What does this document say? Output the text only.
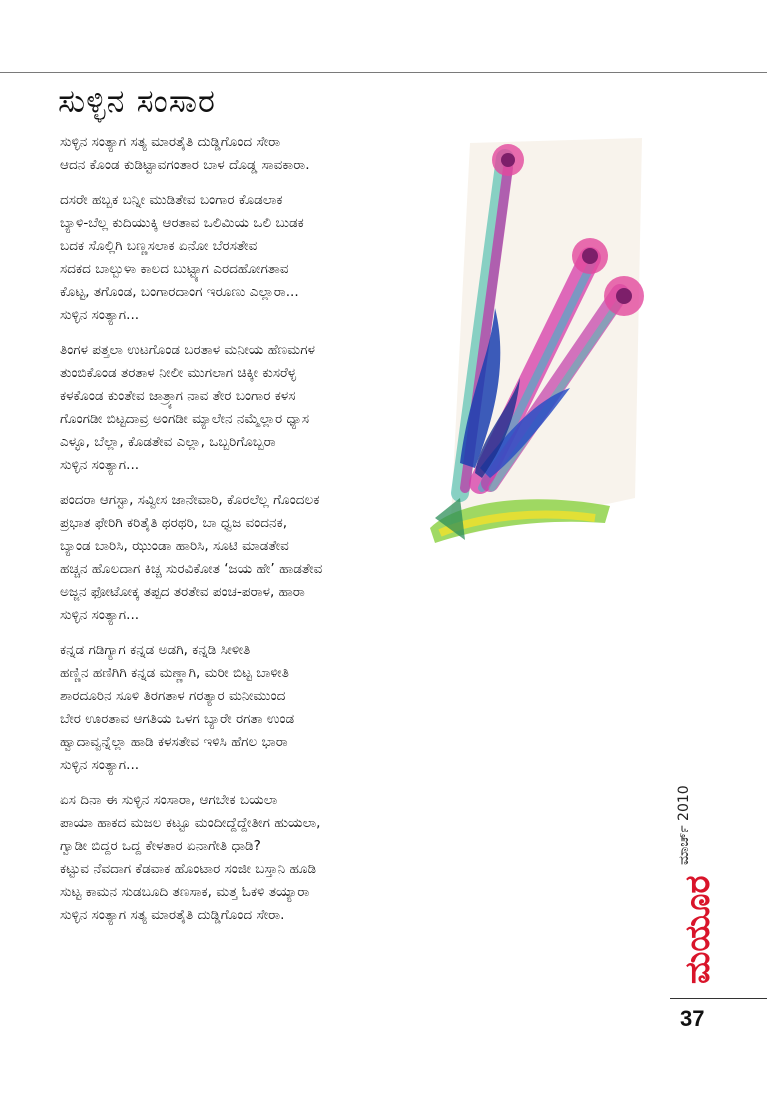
ಸುಳ್ಳಿನ ಸಂಸಾರ
ಸುಳ್ಳಿನ ಸಂತ್ಯಾಗ ಸತ್ಯ ಮಾರತೈತಿ ದುಡ್ಡಿಗೊಂದ ಸೇರಾ
ಆದನ ಕೊಂಡ ಕುಡಿಟ್ಟಾವಗಂತಾರ ಬಾಳ ದೊಡ್ಡ ಸಾವಕಾರಾ.
ದಸರೇ ಹಬ್ಬಕ ಬನ್ನೀ ಮುಡಿತೇವ ಬಂಗಾರ ಕೊಡಲಾಕ
ಬ್ಯಾಳಿ-ಬೆಲ್ಲ ಕುದಿಯುಕ್ಕಿ ಆರತಾವ ಒಲಿಮಿಯ ಒಲಿ ಬುಡಕ
ಬದಕ ಸೊಲ್ಲಿಗಿ ಬಣ್ಣಸಲಾಕ ಏನೋ ಬೆರಸತೇವ
ಸದಕದ ಬಾಲ್ಬುಳಾ ಕಾಲದ ಬುಟ್ಟ್ಯಾಗ ಎರದಹೋಗತಾವ
ಕೊಟ್ಟ, ತಗೊಂಡ, ಬಂಗಾರದಾಂಗ ಇರೂಣು ಎಲ್ಲಾರಾ...
ಸುಳ್ಳಿನ ಸಂತ್ಯಾಗ...
ತಿಂಗಳ ಪತ್ತಲಾ ಉಟಗೊಂಡ ಬರತಾಳ ಮನೀಯ ಹೆಣಮಗಳ
ತುಂಬಿಕೊಂಡ ತರತಾಳ ನೀಲೀ ಮುಗಲಾಗ ಚಿಕ್ಕೀ ಕುಸರೆಳ್ಳ
ಕಳಕೊಂಡ ಕುಂತೇವ ಜಾತ್ರ್ಯಾಗ ನಾವ ತೇರ ಬಂಗಾರ ಕಳಸ
ಗೊಂಗಡೀ ಬಿಟ್ಟದಾವ್ರ ಅಂಗಡೀ ಮ್ಯಾಲೇನ ನಮ್ಮೆಲ್ಲಾರ ಧ್ಯಾಸ
ಎಳ್ಳೂ, ಬೆಲ್ಲಾ, ಕೊಡತೇವ ಎಲ್ಲಾ, ಒಬ್ಬರಿಗೊಬ್ಬರಾ
ಸುಳ್ಳಿನ ಸಂತ್ಯಾಗ...
ಪಂದರಾ ಆಗಸ್ಟಾ, ಸವ್ವೀಸ ಜಾನೇವಾರಿ, ಕೊರಲೆಲ್ಲ ಗೊಂದಲಕ
ಪ್ರಭಾತ ಫೇರಿಗಿ ಕರಿತೈತಿ ಥರಥರಿ, ಬಾ ಧ್ವಜ ವಂದನಕ,
ಬ್ಯಾಂಡ ಬಾರಿಸಿ, ಝುಂಡಾ ಹಾರಿಸಿ, ಸೂಟಿ ಮಾಡತೇವ
ಹಚ್ಚನ ಹೊಲದಾಗ ಕಿಚ್ಚ ಸುರವಿಕೋತ ‘ಜಯ ಹೇ’ ಹಾಡತೇವ
ಅಜ್ಜನ ಫೋಟೋಕ್ಕ ತಪ್ಪದ ತರತೇವ ಪಂಚ-ಪರಾಳ, ಹಾರಾ
ಸುಳ್ಳಿನ ಸಂತ್ಯಾಗ...
ಕನ್ನಡ ಗಡಿಗ್ಯಾಗ ಕನ್ನಡ ಅಡಗಿ, ಕನ್ನಡಿ ಸೀಳೀತಿ
ಹಣ್ಣಿನ ಹಣಿಗಿಗಿ ಕನ್ನಡ ಮಣ್ಣಾಗಿ, ಮರೀ ಬಿಟ್ಟ ಬಾಳೀತಿ
ಶಾರದೂರಿನ ಸೂಳಿ ತಿರಗತಾಳ ಗರತ್ಯಾರ ಮನೀಮುಂದ
ಬೇರ ಊರತಾವ ಆಗತಿಯ ಒಳಗ ಬ್ಯಾರೇ ರಗತಾ ಉಂಡ
ಹ್ವಾದಾವ್ವನ್ನೆಲ್ಲಾ ಹಾಡಿ ಕಳಸತೇವ ಇಳಿಸಿ ಹೆಗಲ ಭಾರಾ
ಸುಳ್ಳಿನ ಸಂತ್ಯಾಗ...
ಏಸ ದಿನಾ ಈ ಸುಳ್ಳಿನ ಸಂಸಾರಾ, ಆಗಬೇಕ ಬಯಲಾ
ಪಾಯಾ ಹಾಕದ ಮಜಲ ಕಟ್ಟೂ ಮಂದೀದ್ದೆದ್ದೇತೀಗ ಹುಯಲಾ,
ಗ್ವಾಡೀ ಬಿದ್ದರ ಒದ್ದ ಕೇಳತಾರ ಏನಾಗೇತಿ ಧಾಡಿ?
ಕಟ್ಟುವ ನೆವದಾಗ ಕೆಡವಾಕ ಹೊಂಟಾರ ಸಂಜೀ ಬಸ್ತಾನಿ ಹೂಡಿ
ಸುಟ್ಟ ಕಾಮನ ಸುಡಬೂದಿ ತಣಸಾಕ, ಮತ್ತ ಓಕಳಿ ತಯ್ಯಾರಾ
ಸುಳ್ಳಿನ ಸಂತ್ಯಾಗ ಸತ್ಯ ಮಾರತೈತಿ ದುಡ್ಡಿಗೊಂದ ಸೇರಾ.
ಮಾರ್ಚ್ 2010
ಮಯೂರ
37
